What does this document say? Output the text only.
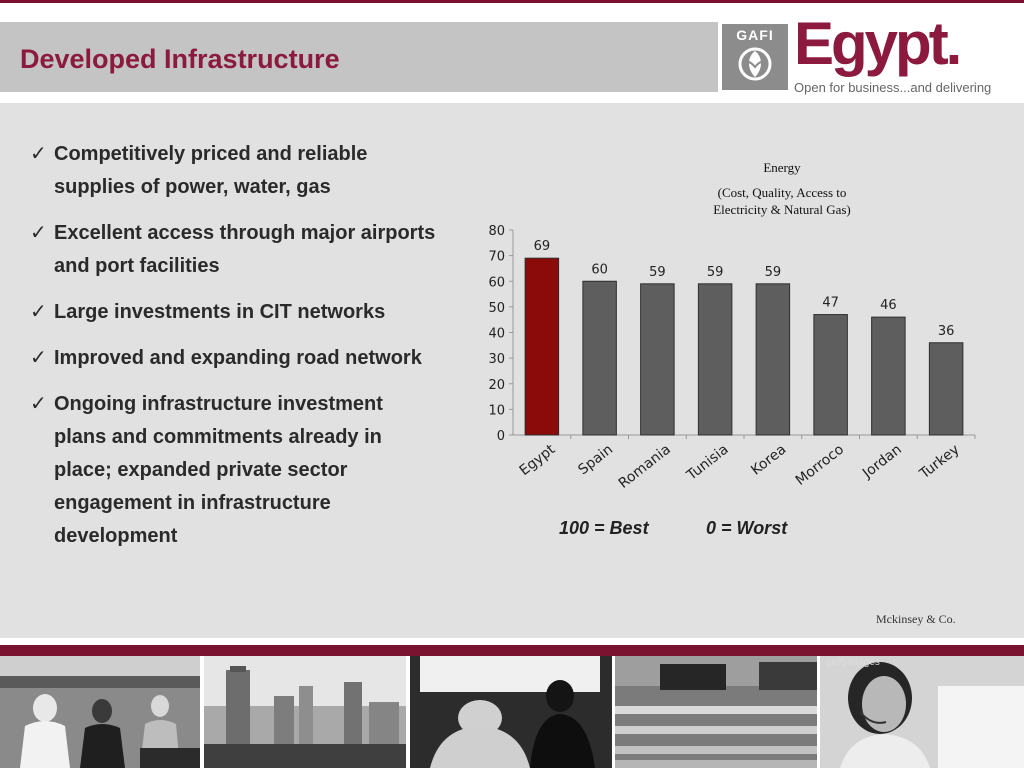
Developed Infrastructure
GAFI Egypt.
Open for business...and delivering
✓ Competitively priced and reliable supplies of power, water, gas
✓ Excellent access through major airports and port facilities
✓ Large investments in CIT networks
✓ Improved and expanding road network
✓ Ongoing infrastructure investment plans and commitments already in place; expanded private sector engagement in infrastructure development
Energy
(Cost, Quality, Access to
Electricity & Natural Gas)
0
10
20
30
40
50
60
70
80
69
Egypt
60
Spain
59
Romania
59
Tunisia
59
Korea
47
Morroco
46
Jordan
36
Turkey
100 = Best	0 = Worst
Mckinsey & Co.
gettyimages
